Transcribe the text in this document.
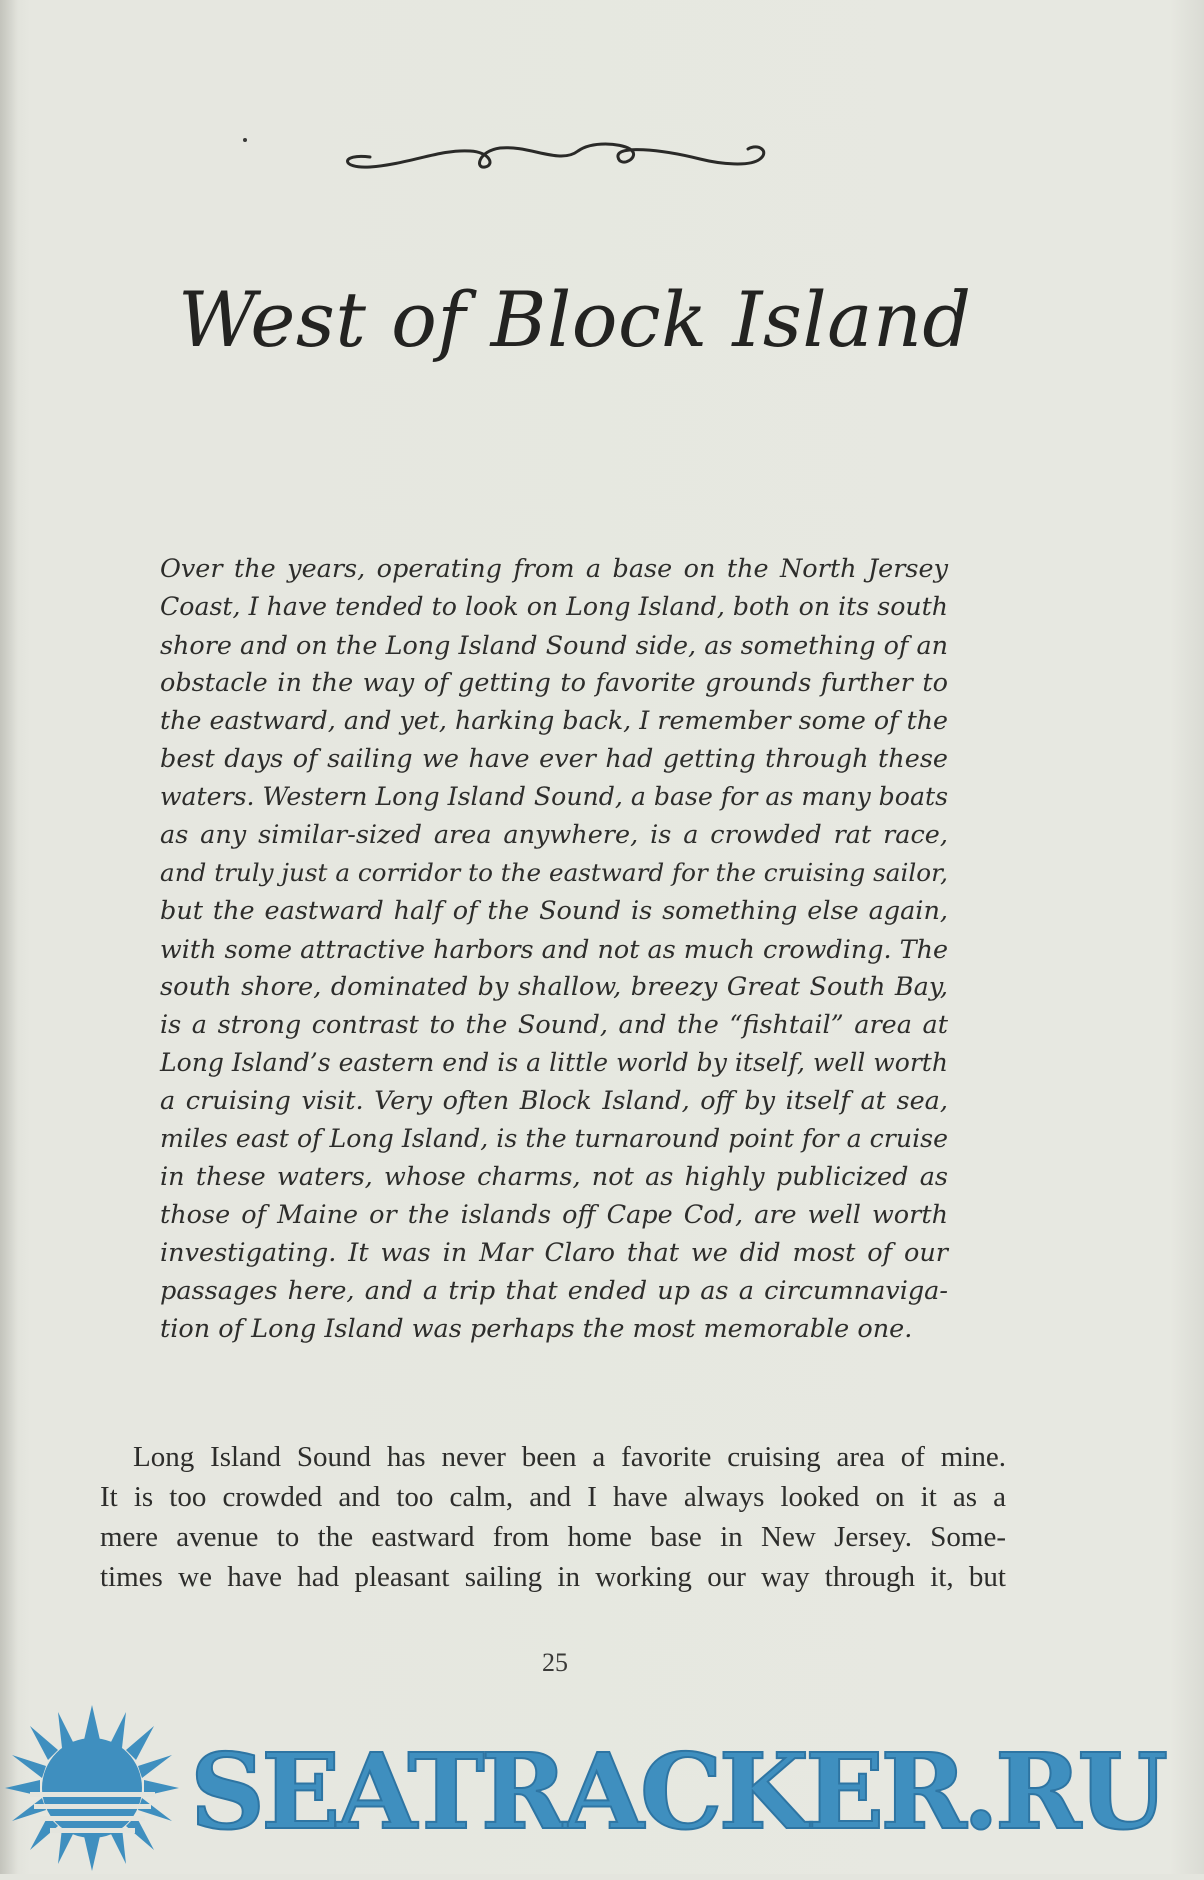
West of Block Island
Over the years, operating from a base on the North Jersey
Coast, I have tended to look on Long Island, both on its south
shore and on the Long Island Sound side, as something of an
obstacle in the way of getting to favorite grounds further to
the eastward, and yet, harking back, I remember some of the
best days of sailing we have ever had getting through these
waters. Western Long Island Sound, a base for as many boats
as any similar-sized area anywhere, is a crowded rat race,
and truly just a corridor to the eastward for the cruising sailor,
but the eastward half of the Sound is something else again,
with some attractive harbors and not as much crowding. The
south shore, dominated by shallow, breezy Great South Bay,
is a strong contrast to the Sound, and the “fishtail” area at
Long Island’s eastern end is a little world by itself, well worth
a cruising visit. Very often Block Island, off by itself at sea,
miles east of Long Island, is the turnaround point for a cruise
in these waters, whose charms, not as highly publicized as
those of Maine or the islands off Cape Cod, are well worth
investigating. It was in Mar Claro that we did most of our
passages here, and a trip that ended up as a circumnaviga-
tion of Long Island was perhaps the most memorable one.
Long Island Sound has never been a favorite cruising area of mine.
It is too crowded and too calm, and I have always looked on it as a
mere avenue to the eastward from home base in New Jersey. Some-
times we have had pleasant sailing in working our way through it, but
25
SEATRACKER.RU
